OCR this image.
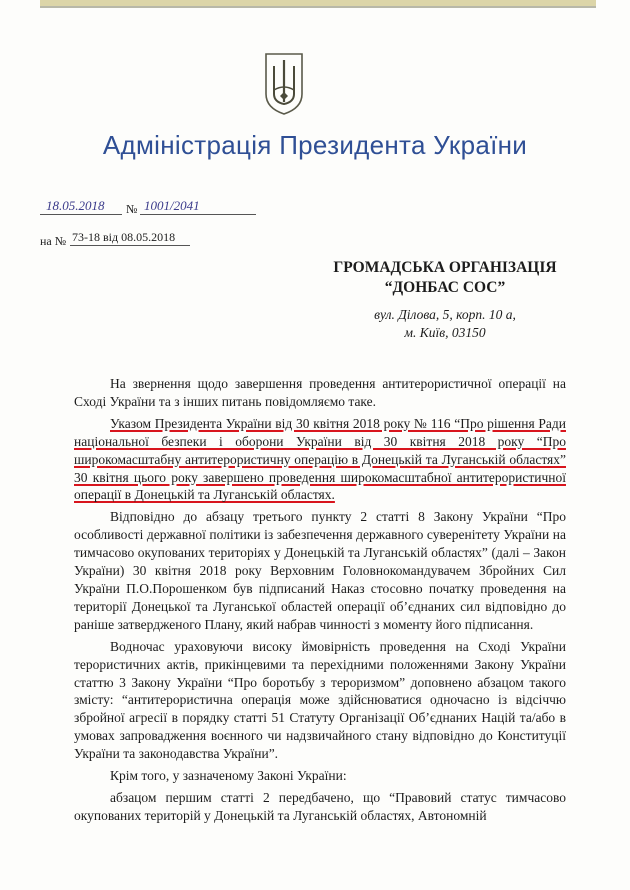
Адміністрація Президента України
18.05.2018 № 1001/2041
на № 73-18 від 08.05.2018
ГРОМАДСЬКА ОРГАНІЗАЦІЯ
“ДОНБАС СОС”
вул. Ділова, 5, корп. 10 а,
м. Київ, 03150

На звернення щодо завершення проведення антитерористичної операції на Сході України та з інших питань повідомляємо таке.

Указом Президента України від 30 квітня 2018 року № 116 “Про рішення Ради національної безпеки і оборони України від 30 квітня 2018 року “Про широкомасштабну антитерористичну операцію в Донецькій та Луганській областях” 30 квітня цього року завершено проведення широкомасштабної антитерористичної операції в Донецькій та Луганській областях.

Відповідно до абзацу третього пункту 2 статті 8 Закону України “Про особливості державної політики із забезпечення державного суверенітету України на тимчасово окупованих територіях у Донецькій та Луганській областях” (далі – Закон України) 30 квітня 2018 року Верховним Головнокомандувачем Збройних Сил України П.О.Порошенком був підписаний Наказ стосовно початку проведення на території Донецької та Луганської областей операції об’єднаних сил відповідно до раніше затвердженого Плану, який набрав чинності з моменту його підписання.

Водночас ураховуючи високу ймовірність проведення на Сході України терористичних актів, прикінцевими та перехідними положеннями Закону України статтю 3 Закону України “Про боротьбу з тероризмом” доповнено абзацом такого змісту: “антитерористична операція може здійснюватися одночасно із відсіччю збройної агресії в порядку статті 51 Статуту Організації Об’єднаних Націй та/або в умовах запровадження воєнного чи надзвичайного стану відповідно до Конституції України та законодавства України”.

Крім того, у зазначеному Законі України:

абзацом першим статті 2 передбачено, що “Правовий статус тимчасово окупованих територій у Донецькій та Луганській областях, Автономній
